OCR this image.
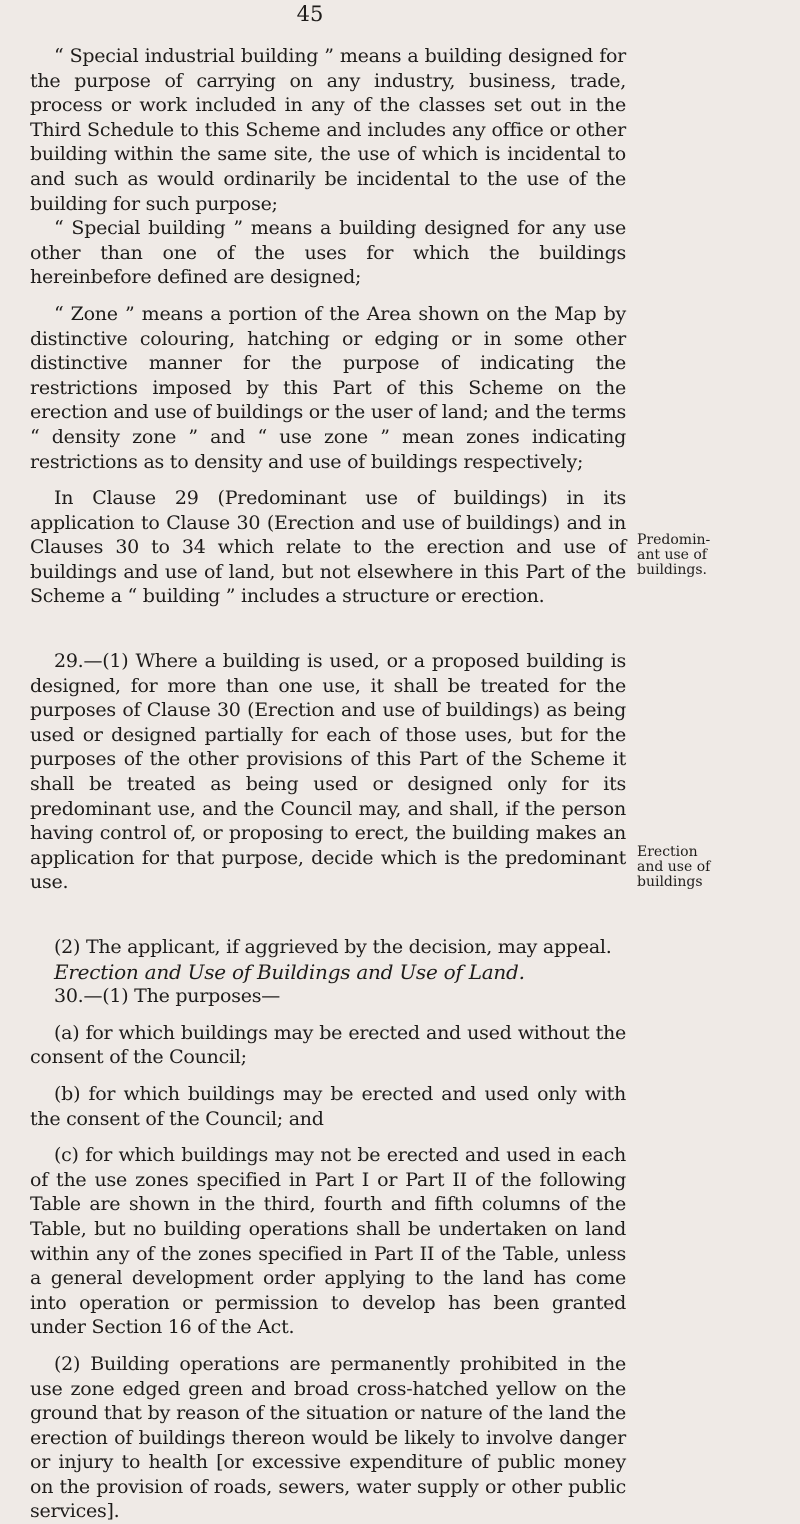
45

“ Special industrial building ” means a building designed for the purpose of carrying on any industry, business, trade, process or work included in any of the classes set out in the Third Schedule to this Scheme and includes any office or other building within the same site, the use of which is incidental to and such as would ordinarily be incidental to the use of the building for such purpose;

“ Special building ” means a building designed for any use other than one of the uses for which the buildings hereinbefore defined are designed;

“ Zone ” means a portion of the Area shown on the Map by distinctive colouring, hatching or edging or in some other distinctive manner for the purpose of indicating the restrictions imposed by this Part of this Scheme on the erection and use of buildings or the user of land; and the terms “ density zone ” and “ use zone ” mean zones indicating restrictions as to density and use of buildings respectively;

In Clause 29 (Predominant use of buildings) in its application to Clause 30 (Erection and use of buildings) and in Clauses 30 to 34 which relate to the erection and use of buildings and use of land, but not elsewhere in this Part of the Scheme a “ building ” includes a structure or erection.

29.—(1) Where a building is used, or a proposed building is designed, for more than one use, it shall be treated for the purposes of Clause 30 (Erection and use of buildings) as being used or designed partially for each of those uses, but for the purposes of the other provisions of this Part of the Scheme it shall be treated as being used or designed only for its predominant use, and the Council may, and shall, if the person having control of, or proposing to erect, the building makes an application for that purpose, decide which is the predominant use.

(2) The applicant, if aggrieved by the decision, may appeal.

Erection and Use of Buildings and Use of Land.

30.—(1) The purposes—

(a) for which buildings may be erected and used without the consent of the Council;

(b) for which buildings may be erected and used only with the consent of the Council; and

(c) for which buildings may not be erected and used in each of the use zones specified in Part I or Part II of the following Table are shown in the third, fourth and fifth columns of the Table, but no building operations shall be undertaken on land within any of the zones specified in Part II of the Table, unless a general development order applying to the land has come into operation or permission to develop has been granted under Section 16 of the Act.

(2) Building operations are permanently prohibited in the use zone edged green and broad cross-hatched yellow on the ground that by reason of the situation or nature of the land the erection of buildings thereon would be likely to involve danger or injury to health [or excessive expenditure of public money on the provision of roads, sewers, water supply or other public services].

Predomin-
ant use of
buildings.
Erection
and use of
buildings
